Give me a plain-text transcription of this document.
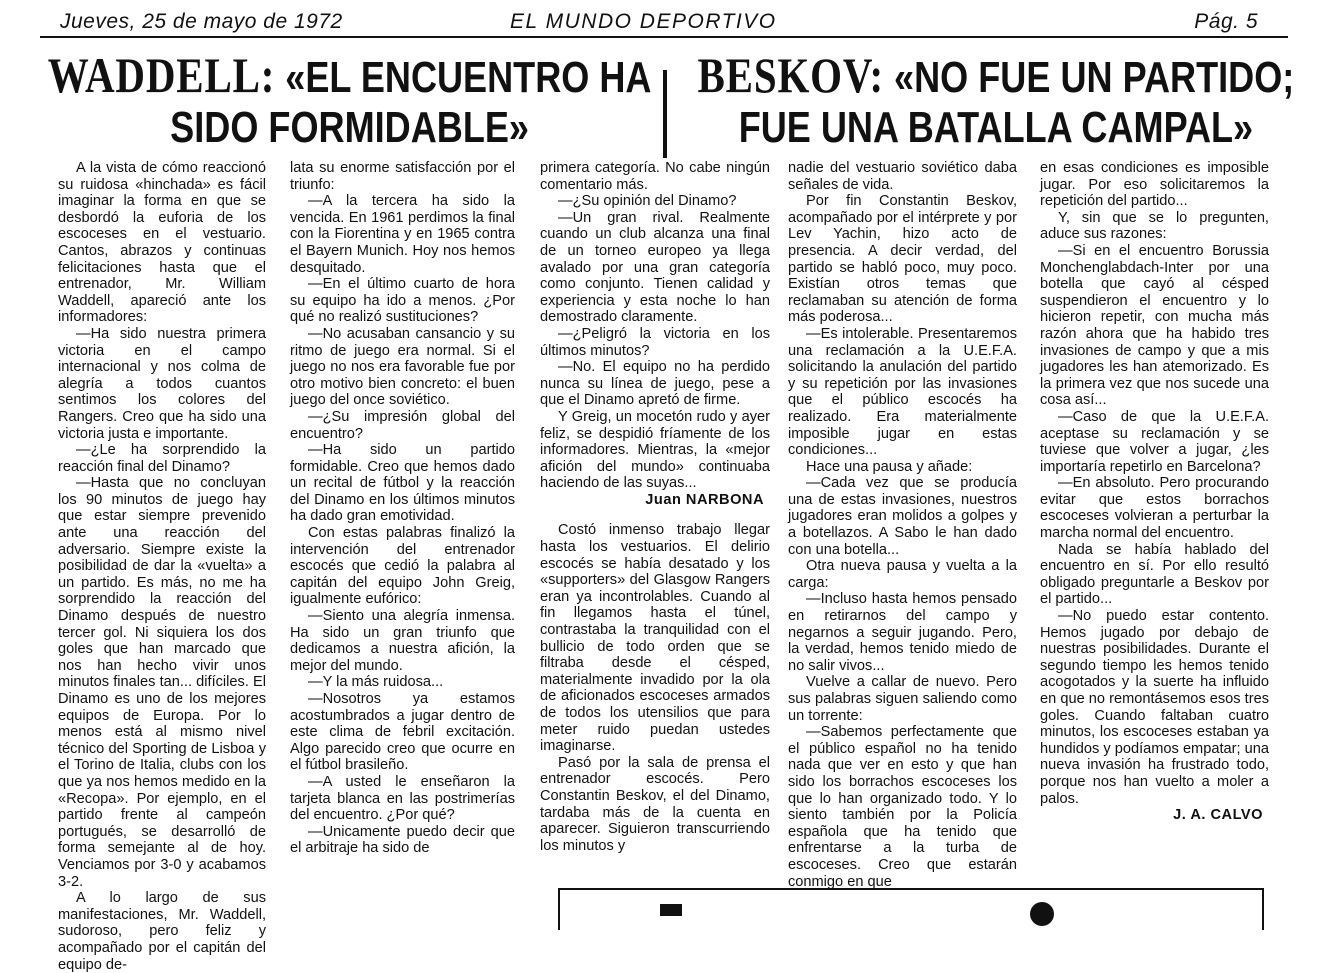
Jueves, 25 de mayo de 1972	EL MUNDO DEPORTIVO	Pág. 5
WADDELL: «EL ENCUENTRO HA
SIDO FORMIDABLE»
BESKOV: «NO FUE UN PARTIDO;
FUE UNA BATALLA CAMPAL»

A la vista de cómo reaccionó su ruidosa «hinchada» es fácil imaginar la forma en que se desbordó la euforia de los escoceses en el vestuario. Cantos, abrazos y continuas felicitaciones hasta que el entrenador, Mr. William Waddell, apareció ante los informadores:

—Ha sido nuestra primera victoria en el campo internacional y nos colma de alegría a todos cuantos sentimos los colores del Rangers. Creo que ha sido una victoria justa e importante.

—¿Le ha sorprendido la reacción final del Dinamo?

—Hasta que no concluyan los 90 minutos de juego hay que estar siempre prevenido ante una reacción del adversario. Siempre existe la posibilidad de dar la «vuelta» a un partido. Es más, no me ha sorprendido la reacción del Dinamo después de nuestro tercer gol. Ni siquiera los dos goles que han marcado que nos han hecho vivir unos minutos finales tan... difíciles. El Dinamo es uno de los mejores equipos de Europa. Por lo menos está al mismo nivel técnico del Sporting de Lisboa y el Torino de Italia, clubs con los que ya nos hemos medido en la «Recopa». Por ejemplo, en el partido frente al campeón portugués, se desarrolló de forma semejante al de hoy. Venciamos por 3-0 y acabamos 3-2.

A lo largo de sus manifestaciones, Mr. Waddell, sudoroso, pero feliz y acompañado por el capitán del equipo de-

lata su enorme satisfacción por el triunfo:

—A la tercera ha sido la vencida. En 1961 perdimos la final con la Fiorentina y en 1965 contra el Bayern Munich. Hoy nos hemos desquitado.

—En el último cuarto de hora su equipo ha ido a menos. ¿Por qué no realizó sustituciones?

—No acusaban cansancio y su ritmo de juego era normal. Si el juego no nos era favorable fue por otro motivo bien concreto: el buen juego del once soviético.

—¿Su impresión global del encuentro?

—Ha sido un partido formidable. Creo que hemos dado un recital de fútbol y la reacción del Dinamo en los últimos minutos ha dado gran emotividad.

Con estas palabras finalizó la intervención del entrenador escocés que cedió la palabra al capitán del equipo John Greig, igualmente eufórico:

—Siento una alegría inmensa. Ha sido un gran triunfo que dedicamos a nuestra afición, la mejor del mundo.

—Y la más ruidosa...

—Nosotros ya estamos acostumbrados a jugar dentro de este clima de febril excitación. Algo parecido creo que ocurre en el fútbol brasileño.

—A usted le enseñaron la tarjeta blanca en las postrimerías del encuentro. ¿Por qué?

—Unicamente puedo decir que el arbitraje ha sido de

primera categoría. No cabe ningún comentario más.

—¿Su opinión del Dinamo?

—Un gran rival. Realmente cuando un club alcanza una final de un torneo europeo ya llega avalado por una gran categoría como conjunto. Tienen calidad y experiencia y esta noche lo han demostrado claramente.

—¿Peligró la victoria en los últimos minutos?

—No. El equipo no ha perdido nunca su línea de juego, pese a que el Dinamo apretó de firme.

Y Greig, un mocetón rudo y ayer feliz, se despidió fríamente de los informadores. Mientras, la «mejor afición del mundo» continuaba haciendo de las suyas...

Juan NARBONA

Costó inmenso trabajo llegar hasta los vestuarios. El delirio escocés se había desatado y los «supporters» del Glasgow Rangers eran ya incontrolables. Cuando al fin llegamos hasta el túnel, contrastaba la tranquilidad con el bullicio de todo orden que se filtraba desde el césped, materialmente invadido por la ola de aficionados escoceses armados de todos los utensilios que para meter ruido puedan ustedes imaginarse.

Pasó por la sala de prensa el entrenador escocés. Pero Constantin Beskov, el del Dinamo, tardaba más de la cuenta en aparecer. Siguieron transcurriendo los minutos y

nadie del vestuario soviético daba señales de vida.

Por fin Constantin Beskov, acompañado por el intérprete y por Lev Yachin, hizo acto de presencia. A decir verdad, del partido se habló poco, muy poco. Existían otros temas que reclamaban su atención de forma más poderosa...

—Es intolerable. Presentaremos una reclamación a la U.E.F.A. solicitando la anulación del partido y su repetición por las invasiones que el público escocés ha realizado. Era materialmente imposible jugar en estas condiciones...

Hace una pausa y añade:

—Cada vez que se producía una de estas invasiones, nuestros jugadores eran molidos a golpes y a botellazos. A Sabo le han dado con una botella...

Otra nueva pausa y vuelta a la carga:

—Incluso hasta hemos pensado en retirarnos del campo y negarnos a seguir jugando. Pero, la verdad, hemos tenido miedo de no salir vivos...

Vuelve a callar de nuevo. Pero sus palabras siguen saliendo como un torrente:

—Sabemos perfectamente que el público español no ha tenido nada que ver en esto y que han sido los borrachos escoceses los que lo han organizado todo. Y lo siento también por la Policía española que ha tenido que enfrentarse a la turba de escoceses. Creo que estarán conmigo en que

en esas condiciones es imposible jugar. Por eso solicitaremos la repetición del partido...

Y, sin que se lo pregunten, aduce sus razones:

—Si en el encuentro Borussia Monchenglabdach-Inter por una botella que cayó al césped suspendieron el encuentro y lo hicieron repetir, con mucha más razón ahora que ha habido tres invasiones de campo y que a mis jugadores les han atemorizado. Es la primera vez que nos sucede una cosa así...

—Caso de que la U.E.F.A. aceptase su reclamación y se tuviese que volver a jugar, ¿les importaría repetirlo en Barcelona?

—En absoluto. Pero procurando evitar que estos borrachos escoceses volvieran a perturbar la marcha normal del encuentro.

Nada se había hablado del encuentro en sí. Por ello resultó obligado preguntarle a Beskov por el partido...

—No puedo estar contento. Hemos jugado por debajo de nuestras posibilidades. Durante el segundo tiempo les hemos tenido acogotados y la suerte ha influido en que no remontásemos esos tres goles. Cuando faltaban cuatro minutos, los escoceses estaban ya hundidos y podíamos empatar; una nueva invasión ha frustrado todo, porque nos han vuelto a moler a palos.

J. A. CALVO
